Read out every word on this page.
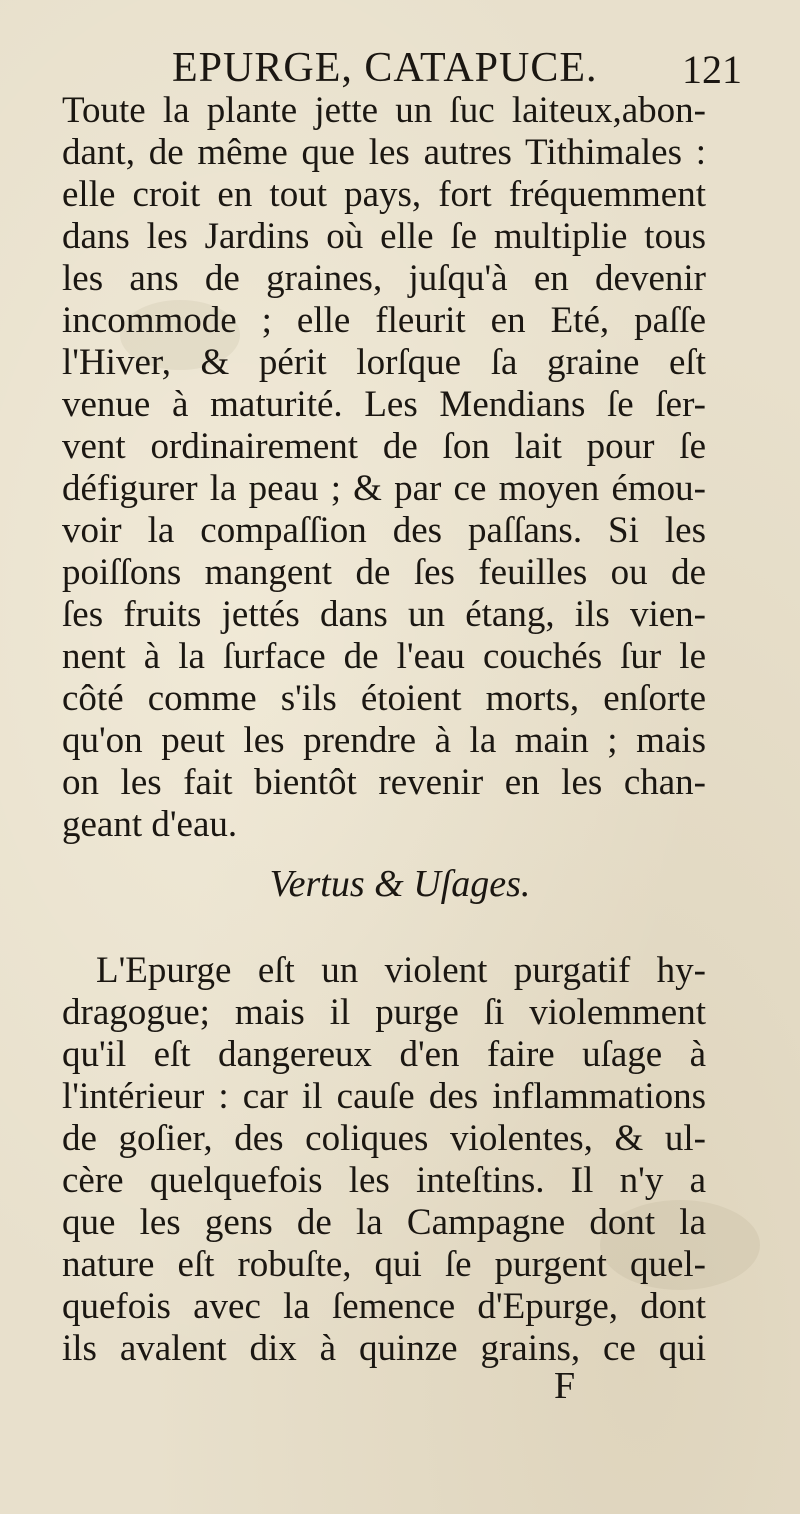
EPURGE, CATAPUCE. 121

Toute la plante jette un ſuc laiteux,abon-
dant, de même que les autres Tithimales :
elle croit en tout pays, fort fréquemment
dans les Jardins où elle ſe multiplie tous
les ans de graines, juſqu'à en devenir
incommode ; elle fleurit en Eté, paſſe
l'Hiver, & périt lorſque ſa graine eſt
venue à maturité. Les Mendians ſe ſer-
vent ordinairement de ſon lait pour ſe
défigurer la peau ; & par ce moyen émou-
voir la compaſſion des paſſans. Si les
poiſſons mangent de ſes feuilles ou de
ſes fruits jettés dans un étang, ils vien-
nent à la ſurface de l'eau couchés ſur le
côté comme s'ils étoient morts, enſorte
qu'on peut les prendre à la main ; mais
on les fait bientôt revenir en les chan-
geant d'eau.

Vertus & Uſages.

L'Epurge eſt un violent purgatif hy-
dragogue; mais il purge ſi violemment
qu'il eſt dangereux d'en faire uſage à
l'intérieur : car il cauſe des inflammations
de goſier, des coliques violentes, & ul-
cère quelquefois les inteſtins. Il n'y a
que les gens de la Campagne dont la
nature eſt robuſte, qui ſe purgent quel-
quefois avec la ſemence d'Epurge, dont
ils avalent dix à quinze grains, ce qui

F
